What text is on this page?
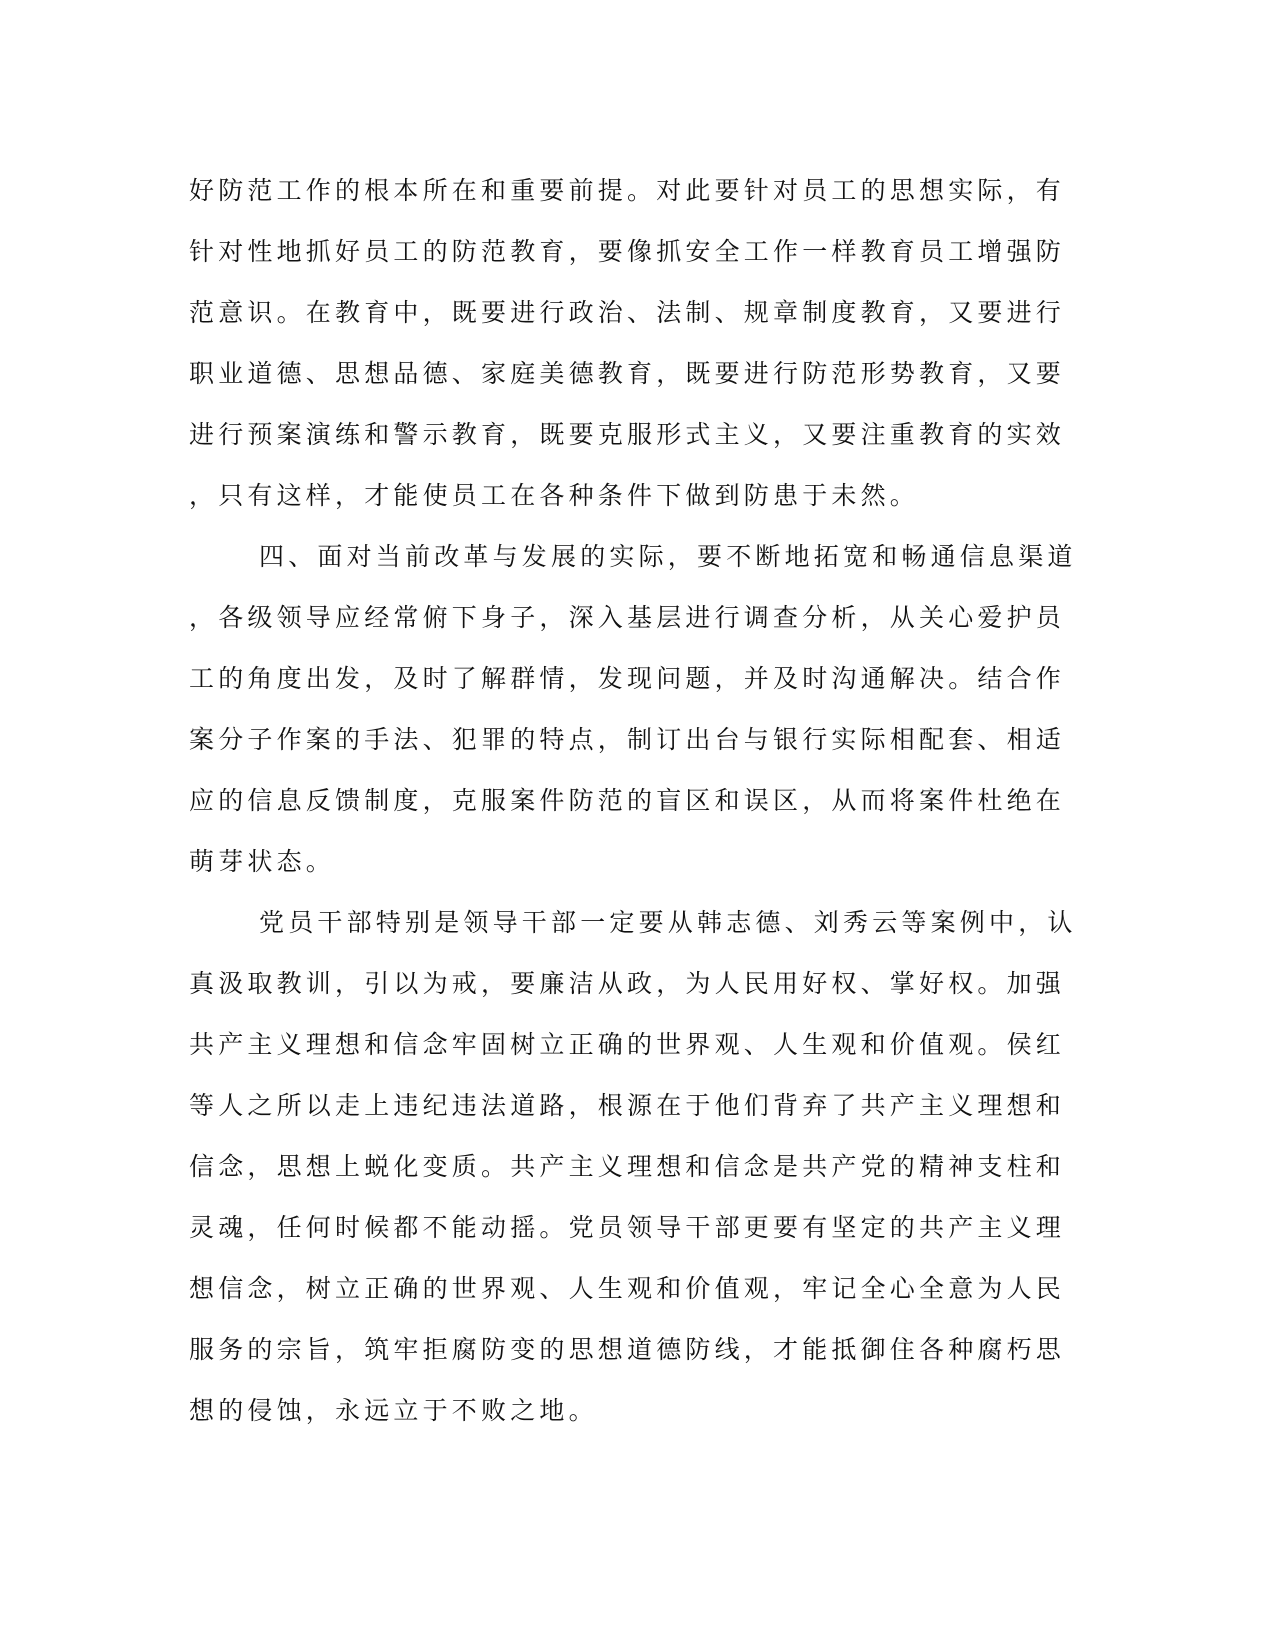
好防范工作的根本所在和重要前提。对此要针对员工的思想实际，有
针对性地抓好员工的防范教育，要像抓安全工作一样教育员工增强防
范意识。在教育中，既要进行政治、法制、规章制度教育，又要进行
职业道德、思想品德、家庭美德教育，既要进行防范形势教育，又要
进行预案演练和警示教育，既要克服形式主义，又要注重教育的实效
，只有这样，才能使员工在各种条件下做到防患于未然。
四、面对当前改革与发展的实际，要不断地拓宽和畅通信息渠道
，各级领导应经常俯下身子，深入基层进行调查分析，从关心爱护员
工的角度出发，及时了解群情，发现问题，并及时沟通解决。结合作
案分子作案的手法、犯罪的特点，制订出台与银行实际相配套、相适
应的信息反馈制度，克服案件防范的盲区和误区，从而将案件杜绝在
萌芽状态。
党员干部特别是领导干部一定要从韩志德、刘秀云等案例中，认
真汲取教训，引以为戒，要廉洁从政，为人民用好权、掌好权。加强
共产主义理想和信念牢固树立正确的世界观、人生观和价值观。侯红
等人之所以走上违纪违法道路，根源在于他们背弃了共产主义理想和
信念，思想上蜕化变质。共产主义理想和信念是共产党的精神支柱和
灵魂，任何时候都不能动摇。党员领导干部更要有坚定的共产主义理
想信念，树立正确的世界观、人生观和价值观，牢记全心全意为人民
服务的宗旨，筑牢拒腐防变的思想道德防线，才能抵御住各种腐朽思
想的侵蚀，永远立于不败之地。
